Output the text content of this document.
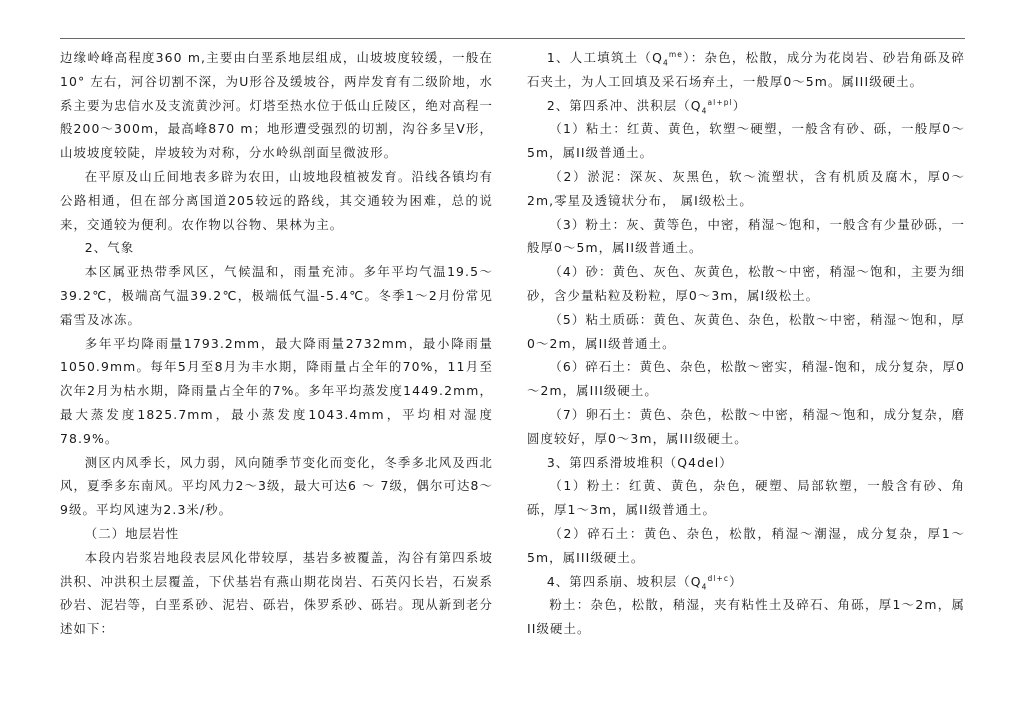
边缘岭峰高程度360 m,主要由白垩系地层组成，山坡坡度较缓，一般在10° 左右，河谷切割不深，为U形谷及缓坡谷，两岸发育有二级阶地，水系主要为忠信水及支流黄沙河。灯塔至热水位于低山丘陵区，绝对高程一般200～300m，最高峰870 m；地形遭受强烈的切割，沟谷多呈V形，山坡坡度较陡，岸坡较为对称，分水岭纵剖面呈微波形。

在平原及山丘间地表多辟为农田，山坡地段植被发育。沿线各镇均有公路相通，但在部分离国道205较远的路线，其交通较为困难，总的说来，交通较为便利。农作物以谷物、果林为主。

2、气象

本区属亚热带季风区，气候温和，雨量充沛。多年平均气温19.5～39.2℃，极端高气温39.2℃，极端低气温-5.4℃。冬季1～2月份常见霜雪及冰冻。

多年平均降雨量1793.2mm，最大降雨量2732mm，最小降雨量1050.9mm。每年5月至8月为丰水期，降雨量占全年的70%，11月至次年2月为枯水期，降雨量占全年的7%。多年平均蒸发度1449.2mm，最大蒸发度1825.7mm，最小蒸发度1043.4mm，平均相对湿度78.9%。

测区内风季长，风力弱，风向随季节变化而变化，冬季多北风及西北风，夏季多东南风。平均风力2～3级，最大可达6 ～ 7级，偶尔可达8～9级。平均风速为2.3米/秒。

（二）地层岩性

本段内岩浆岩地段表层风化带较厚，基岩多被覆盖，沟谷有第四系坡洪积、冲洪积土层覆盖，下伏基岩有燕山期花岗岩、石英闪长岩，石炭系砂岩、泥岩等，白垩系砂、泥岩、砾岩，侏罗系砂、砾岩。现从新到老分述如下：

1、人工填筑土$(Q_4^{me})$：杂色，松散，成分为花岗岩、砂岩角砾及碎石夹土，为人工回填及采石场弃土，一般厚0～5m。属III级硬土。

2、第四系冲、洪积层$(Q_4^{al+pl})$

（1）粘土：红黄、黄色，软塑～硬塑，一般含有砂、砾，一般厚0～5m，属II级普通土。

（2）淤泥：深灰、灰黑色，软～流塑状，含有机质及腐木，厚0～2m,零星及透镜状分布， 属I级松土。

（3）粉土：灰、黄等色，中密，稍湿～饱和，一般含有少量砂砾，一般厚0～5m，属II级普通土。

（4）砂：黄色、灰色、灰黄色，松散～中密，稍湿～饱和，主要为细砂，含少量粘粒及粉粒，厚0～3m，属I级松土。

（5）粘土质砾：黄色、灰黄色、杂色，松散～中密，稍湿～饱和，厚0～2m，属II级普通土。

（6）碎石土：黄色、杂色，松散～密实，稍湿-饱和，成分复杂，厚0～2m，属III级硬土。

（7）卵石土：黄色、杂色，松散～中密，稍湿～饱和，成分复杂，磨圆度较好，厚0～3m，属III级硬土。

3、第四系滑坡堆积（Q4del）

（1）粉土：红黄、黄色，杂色，硬塑、局部软塑，一般含有砂、角砾，厚1～3m，属II级普通土。

（2）碎石土：黄色、杂色，松散，稍湿～潮湿，成分复杂，厚1～5m，属III级硬土。

4、第四系崩、坡积层$(Q_4^{dl+c})$

粉土：杂色，松散，稍湿，夹有粘性土及碎石、角砾，厚1～2m，属II级硬土。
